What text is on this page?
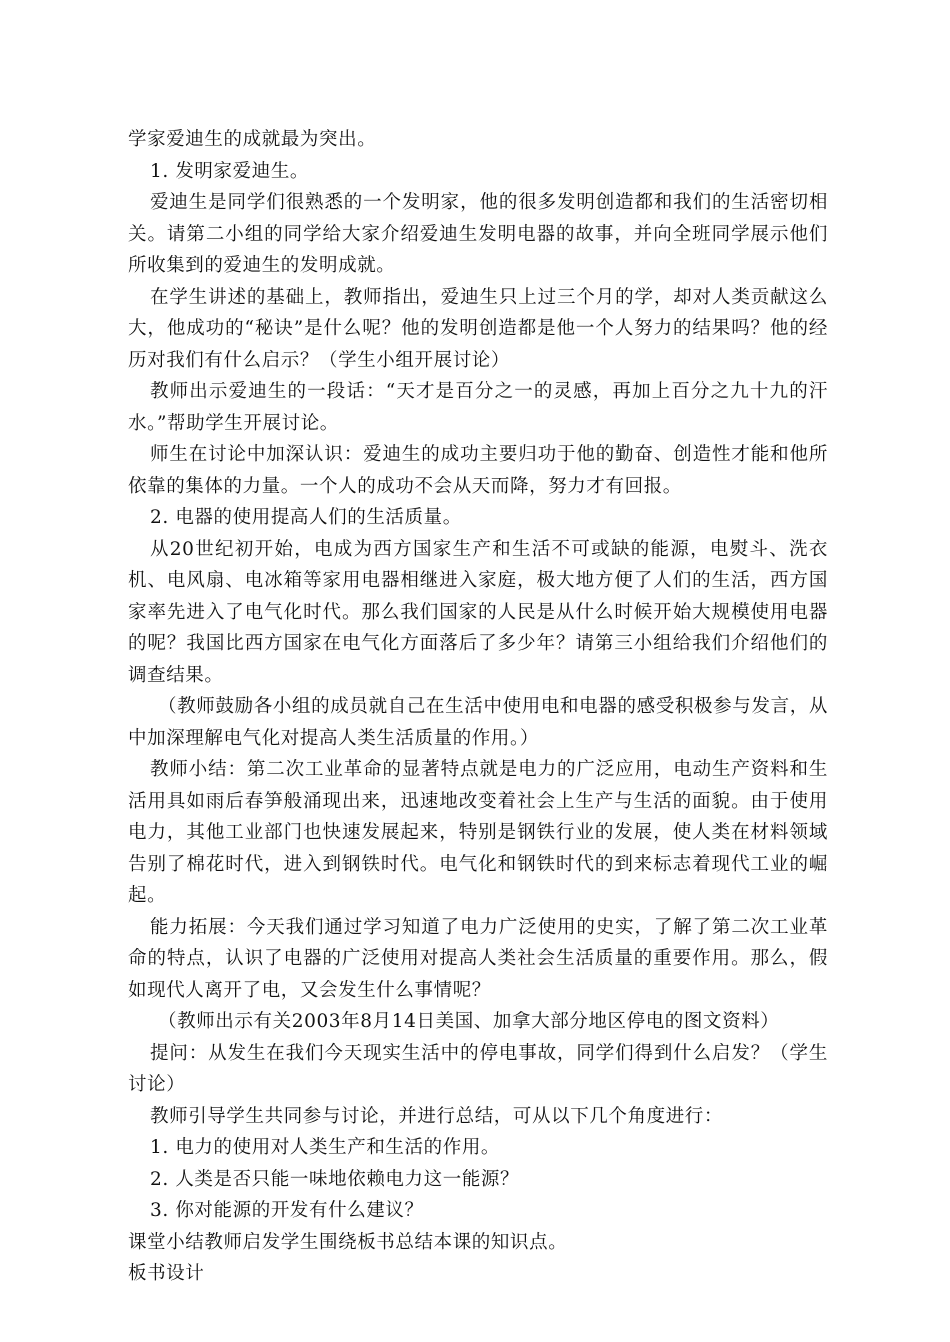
学家爱迪生的成就最为突出。

1. 发明家爱迪生。

爱迪生是同学们很熟悉的一个发明家，他的很多发明创造都和我们的生活密切相关。请第二小组的同学给大家介绍爱迪生发明电器的故事，并向全班同学展示他们所收集到的爱迪生的发明成就。

在学生讲述的基础上，教师指出，爱迪生只上过三个月的学，却对人类贡献这么大，他成功的“秘诀”是什么呢？他的发明创造都是他一个人努力的结果吗？他的经历对我们有什么启示？（学生小组开展讨论）

教师出示爱迪生的一段话：“天才是百分之一的灵感，再加上百分之九十九的汗水。”帮助学生开展讨论。

师生在讨论中加深认识：爱迪生的成功主要归功于他的勤奋、创造性才能和他所依靠的集体的力量。一个人的成功不会从天而降，努力才有回报。

2. 电器的使用提高人们的生活质量。

从20世纪初开始，电成为西方国家生产和生活不可或缺的能源，电熨斗、洗衣机、电风扇、电冰箱等家用电器相继进入家庭，极大地方便了人们的生活，西方国家率先进入了电气化时代。那么我们国家的人民是从什么时候开始大规模使用电器的呢？我国比西方国家在电气化方面落后了多少年？请第三小组给我们介绍他们的调查结果。

（教师鼓励各小组的成员就自己在生活中使用电和电器的感受积极参与发言，从中加深理解电气化对提高人类生活质量的作用。）

教师小结：第二次工业革命的显著特点就是电力的广泛应用，电动生产资料和生活用具如雨后春笋般涌现出来，迅速地改变着社会上生产与生活的面貌。由于使用电力，其他工业部门也快速发展起来，特别是钢铁行业的发展，使人类在材料领域告别了棉花时代，进入到钢铁时代。电气化和钢铁时代的到来标志着现代工业的崛起。

能力拓展：今天我们通过学习知道了电力广泛使用的史实，了解了第二次工业革命的特点，认识了电器的广泛使用对提高人类社会生活质量的重要作用。那么，假如现代人离开了电，又会发生什么事情呢？

（教师出示有关2003年8月14日美国、加拿大部分地区停电的图文资料）

提问：从发生在我们今天现实生活中的停电事故，同学们得到什么启发？（学生讨论）

教师引导学生共同参与讨论，并进行总结，可从以下几个角度进行：

1. 电力的使用对人类生产和生活的作用。

2. 人类是否只能一味地依赖电力这一能源？

3. 你对能源的开发有什么建议？

课堂小结教师启发学生围绕板书总结本课的知识点。

板书设计
